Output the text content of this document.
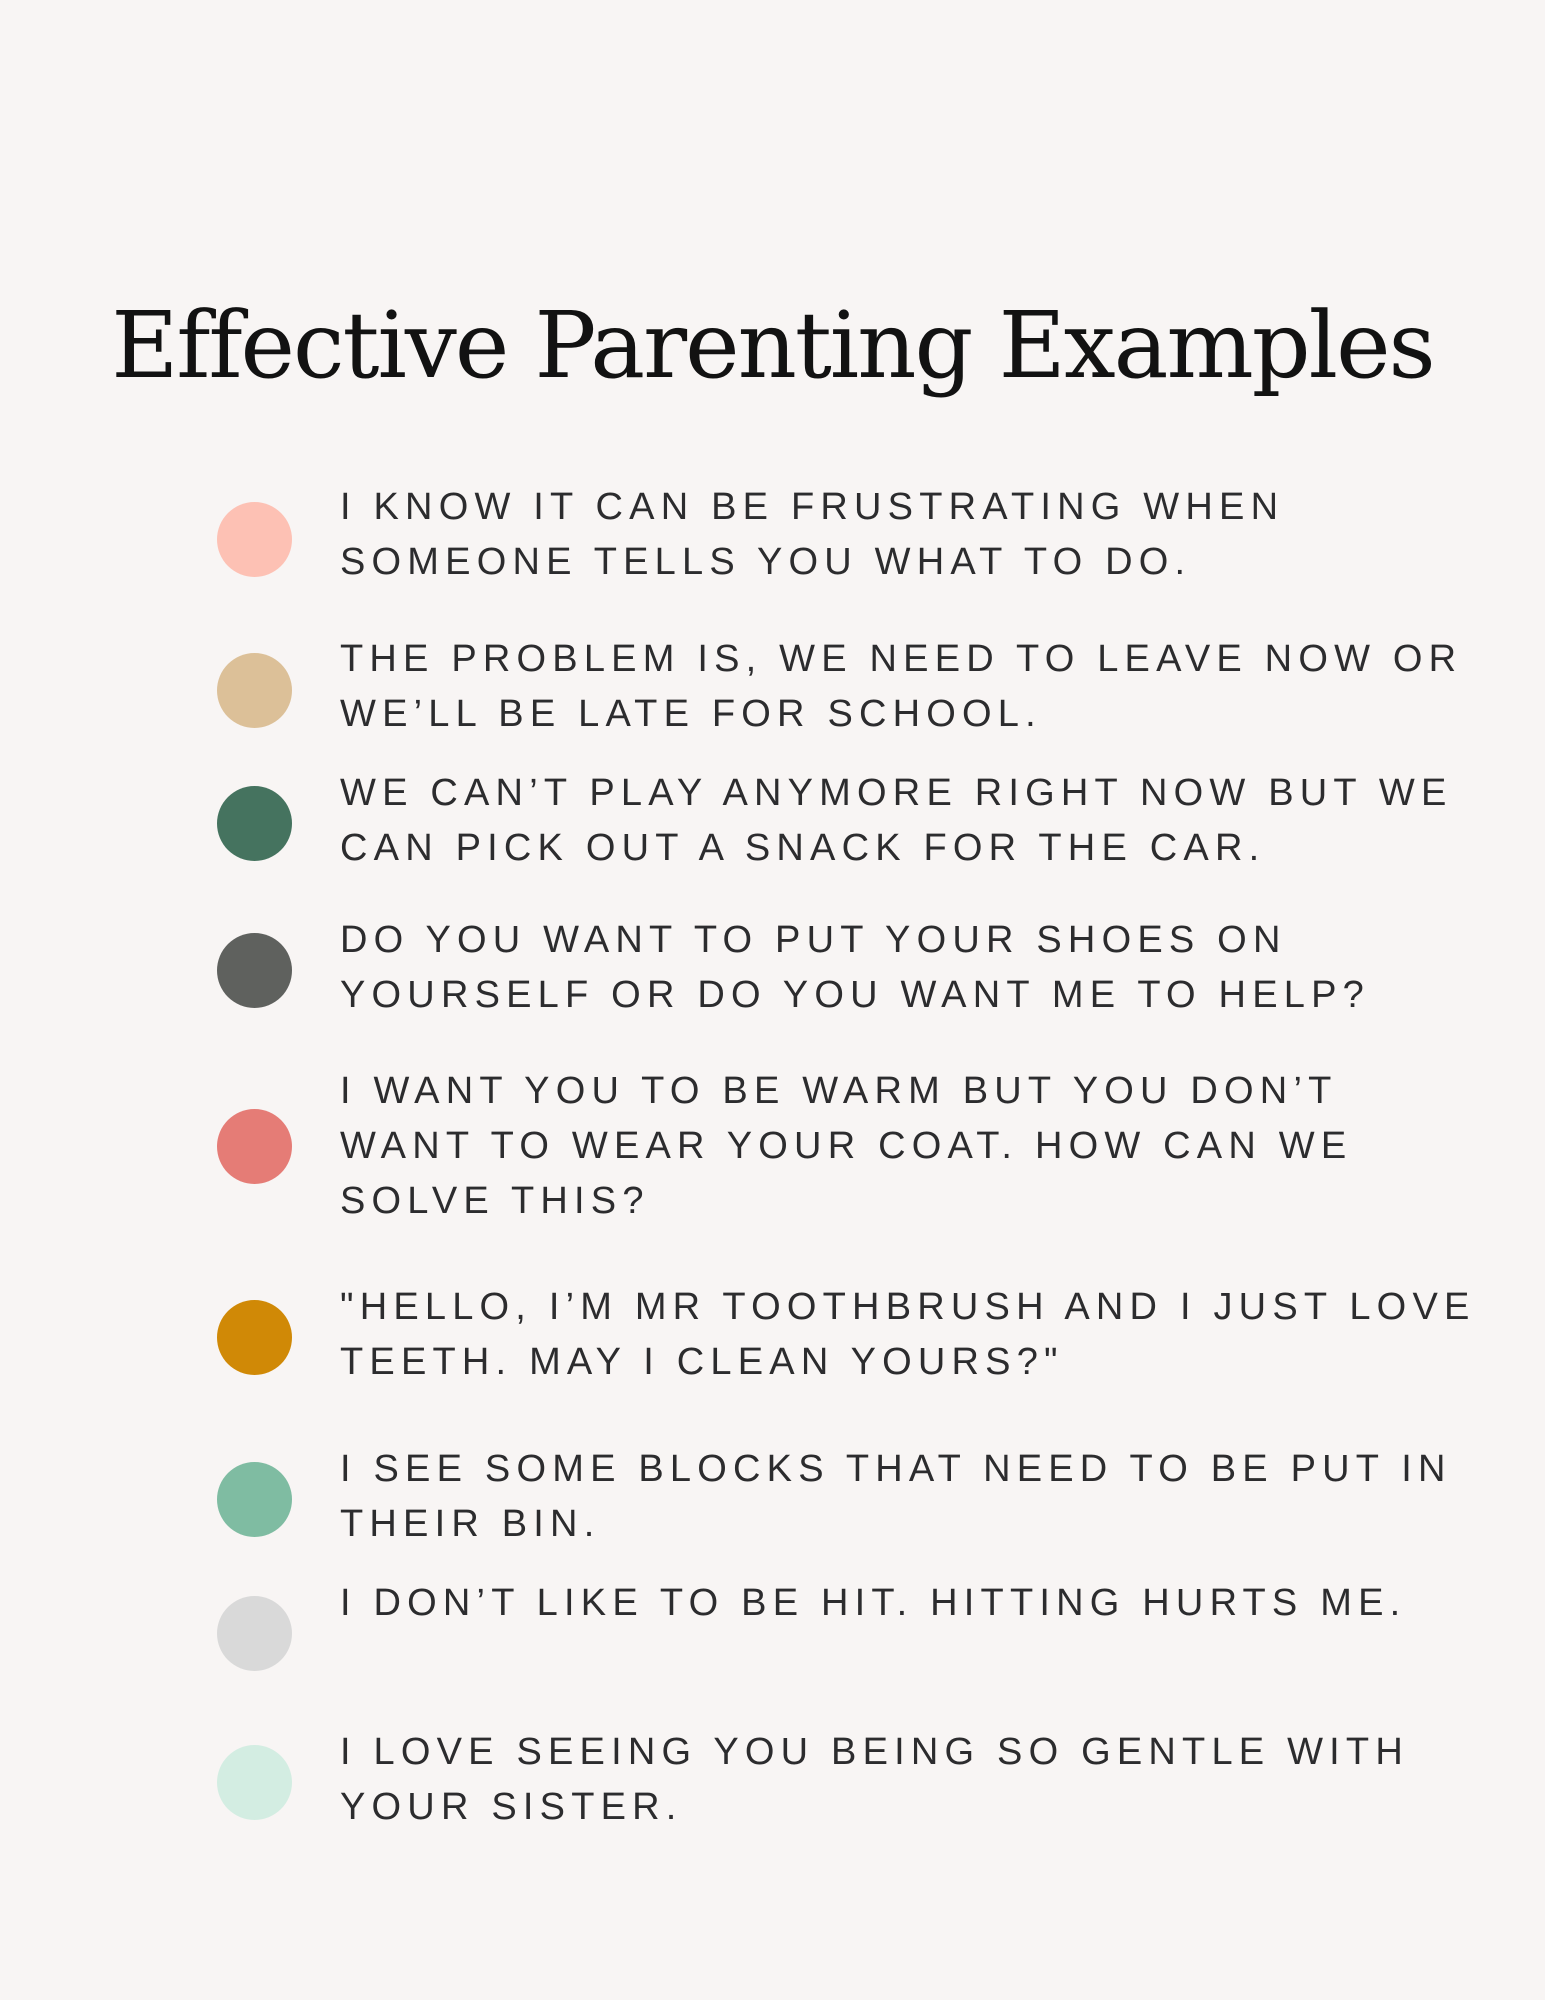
Effective Parenting Examples

I KNOW IT CAN BE FRUSTRATING WHEN SOMEONE TELLS YOU WHAT TO DO.

THE PROBLEM IS, WE NEED TO LEAVE NOW OR WE’LL BE LATE FOR SCHOOL.

WE CAN’T PLAY ANYMORE RIGHT NOW BUT WE CAN PICK OUT A SNACK FOR THE CAR.

DO YOU WANT TO PUT YOUR SHOES ON YOURSELF OR DO YOU WANT ME TO HELP?

I WANT YOU TO BE WARM BUT YOU DON’T WANT TO WEAR YOUR COAT. HOW CAN WE SOLVE THIS?

"HELLO, I’M MR TOOTHBRUSH AND I JUST LOVE TEETH. MAY I CLEAN YOURS?"

I SEE SOME BLOCKS THAT NEED TO BE PUT IN THEIR BIN.

I DON’T LIKE TO BE HIT. HITTING HURTS ME.

I LOVE SEEING YOU BEING SO GENTLE WITH YOUR SISTER.
